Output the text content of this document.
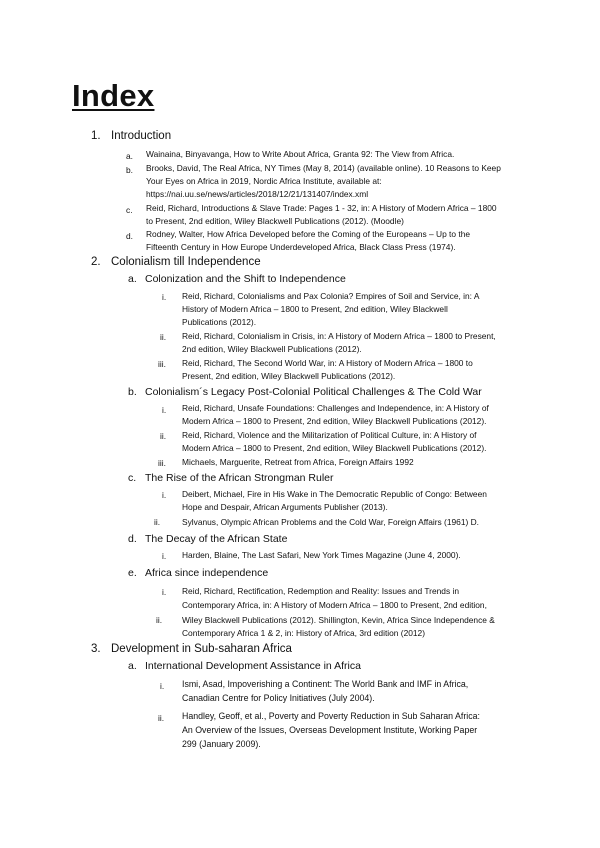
Index
1. Introduction
a. Wainaina, Binyavanga, How to Write About Africa, Granta 92: The View from Africa.
b. Brooks, David, The Real Africa, NY Times (May 8, 2014) (available online). 10 Reasons to Keep
Your Eyes on Africa in 2019, Nordic Africa Institute, available at:
https://nai.uu.se/news/articles/2018/12/21/131407/index.xml
c. Reid, Richard, Introductions & Slave Trade: Pages 1 - 32, in: A History of Modern Africa – 1800
to Present, 2nd edition, Wiley Blackwell Publications (2012). (Moodle)
d. Rodney, Walter, How Africa Developed before the Coming of the Europeans – Up to the
Fifteenth Century in How Europe Underdeveloped Africa, Black Class Press (1974).
2. Colonialism till Independence
a. Colonization and the Shift to Independence
i. Reid, Richard, Colonialisms and Pax Colonia? Empires of Soil and Service, in: A
History of Modern Africa – 1800 to Present, 2nd edition, Wiley Blackwell
Publications (2012).
ii. Reid, Richard, Colonialism in Crisis, in: A History of Modern Africa – 1800 to Present,
2nd edition, Wiley Blackwell Publications (2012).
iii. Reid, Richard, The Second World War, in: A History of Modern Africa – 1800 to
Present, 2nd edition, Wiley Blackwell Publications (2012).
b. Colonialism´s Legacy Post-Colonial Political Challenges & The Cold War
i. Reid, Richard, Unsafe Foundations: Challenges and Independence, in: A History of
Modern Africa – 1800 to Present, 2nd edition, Wiley Blackwell Publications (2012).
ii. Reid, Richard, Violence and the Militarization of Political Culture, in: A History of
Modern Africa – 1800 to Present, 2nd edition, Wiley Blackwell Publications (2012).
iii. Michaels, Marguerite, Retreat from Africa, Foreign Affairs 1992
c. The Rise of the African Strongman Ruler
i. Deibert, Michael, Fire in His Wake in The Democratic Republic of Congo: Between
Hope and Despair, African Arguments Publisher (2013).
ii.	Sylvanus, Olympic African Problems and the Cold War, Foreign Affairs (1961) D.
d. The Decay of the African State
i. Harden, Blaine, The Last Safari, New York Times Magazine (June 4, 2000).
e. Africa since independence
i. Reid, Richard, Rectification, Redemption and Reality: Issues and Trends in
Contemporary Africa, in: A History of Modern Africa – 1800 to Present, 2nd edition,
ii. Wiley Blackwell Publications (2012). Shillington, Kevin, Africa Since Independence &
Contemporary Africa 1 & 2, in: History of Africa, 3rd edition (2012)
3. Development in Sub-saharan Africa
a. International Development Assistance in Africa
i. Ismi, Asad, Impoverishing a Continent: The World Bank and IMF in Africa,
Canadian Centre for Policy Initiatives (July 2004).
ii. Handley, Geoff, et al., Poverty and Poverty Reduction in Sub Saharan Africa:
An Overview of the Issues, Overseas Development Institute, Working Paper
299 (January 2009).
